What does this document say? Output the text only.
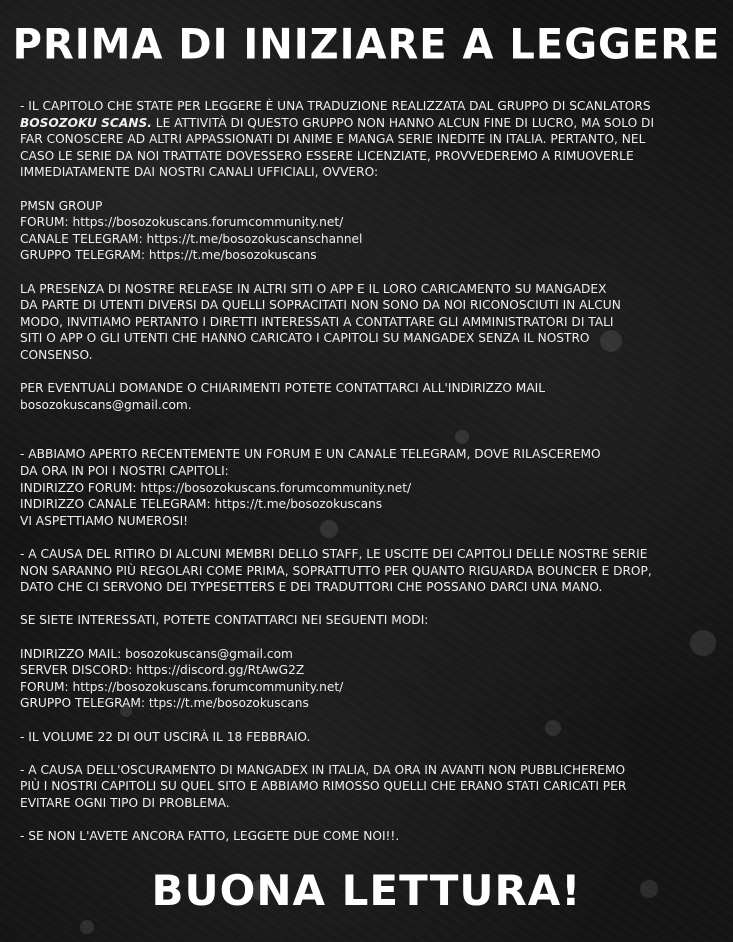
PRIMA DI INIZIARE A LEGGERE
- IL CAPITOLO CHE STATE PER LEGGERE È UNA TRADUZIONE REALIZZATA DAL GRUPPO DI SCANLATORS
BOSOZOKU SCANS. LE ATTIVITÀ DI QUESTO GRUPPO NON HANNO ALCUN FINE DI LUCRO, MA SOLO DI
FAR CONOSCERE AD ALTRI APPASSIONATI DI ANIME E MANGA SERIE INEDITE IN ITALIA. PERTANTO, NEL
CASO LE SERIE DA NOI TRATTATE DOVESSERO ESSERE LICENZIATE, PROVVEDEREMO A RIMUOVERLE
IMMEDIATAMENTE DAI NOSTRI CANALI UFFICIALI, OVVERO:
PMSN GROUP
FORUM: https://bosozokuscans.forumcommunity.net/
CANALE TELEGRAM: https://t.me/bosozokuscanschannel
GRUPPO TELEGRAM: https://t.me/bosozokuscans
LA PRESENZA DI NOSTRE RELEASE IN ALTRI SITI O APP E IL LORO CARICAMENTO SU MANGADEX
DA PARTE DI UTENTI DIVERSI DA QUELLI SOPRACITATI NON SONO DA NOI RICONOSCIUTI IN ALCUN
MODO, INVITIAMO PERTANTO I DIRETTI INTERESSATI A CONTATTARE GLI AMMINISTRATORI DI TALI
SITI O APP O GLI UTENTI CHE HANNO CARICATO I CAPITOLI SU MANGADEX SENZA IL NOSTRO
CONSENSO.
PER EVENTUALI DOMANDE O CHIARIMENTI POTETE CONTATTARCI ALL'INDIRIZZO MAIL
bosozokuscans@gmail.com.
- ABBIAMO APERTO RECENTEMENTE UN FORUM E UN CANALE TELEGRAM, DOVE RILASCEREMO
DA ORA IN POI I NOSTRI CAPITOLI:
INDIRIZZO FORUM: https://bosozokuscans.forumcommunity.net/
INDIRIZZO CANALE TELEGRAM: https://t.me/bosozokuscans
VI ASPETTIAMO NUMEROSI!
- A CAUSA DEL RITIRO DI ALCUNI MEMBRI DELLO STAFF, LE USCITE DEI CAPITOLI DELLE NOSTRE SERIE
NON SARANNO PIÙ REGOLARI COME PRIMA, SOPRATTUTTO PER QUANTO RIGUARDA BOUNCER E DROP,
DATO CHE CI SERVONO DEI TYPESETTERS E DEI TRADUTTORI CHE POSSANO DARCI UNA MANO.
SE SIETE INTERESSATI, POTETE CONTATTARCI NEI SEGUENTI MODI:
INDIRIZZO MAIL: bosozokuscans@gmail.com
SERVER DISCORD: https://discord.gg/RtAwG2Z
FORUM: https://bosozokuscans.forumcommunity.net/
GRUPPO TELEGRAM: ttps://t.me/bosozokuscans
- IL VOLUME 22 DI OUT USCIRÀ IL 18 FEBBRAIO.
- A CAUSA DELL'OSCURAMENTO DI MANGADEX IN ITALIA, DA ORA IN AVANTI NON PUBBLICHEREMO
PIÙ I NOSTRI CAPITOLI SU QUEL SITO E ABBIAMO RIMOSSO QUELLI CHE ERANO STATI CARICATI PER
EVITARE OGNI TIPO DI PROBLEMA.
- SE NON L'AVETE ANCORA FATTO, LEGGETE DUE COME NOI!!.
BUONA LETTURA!
